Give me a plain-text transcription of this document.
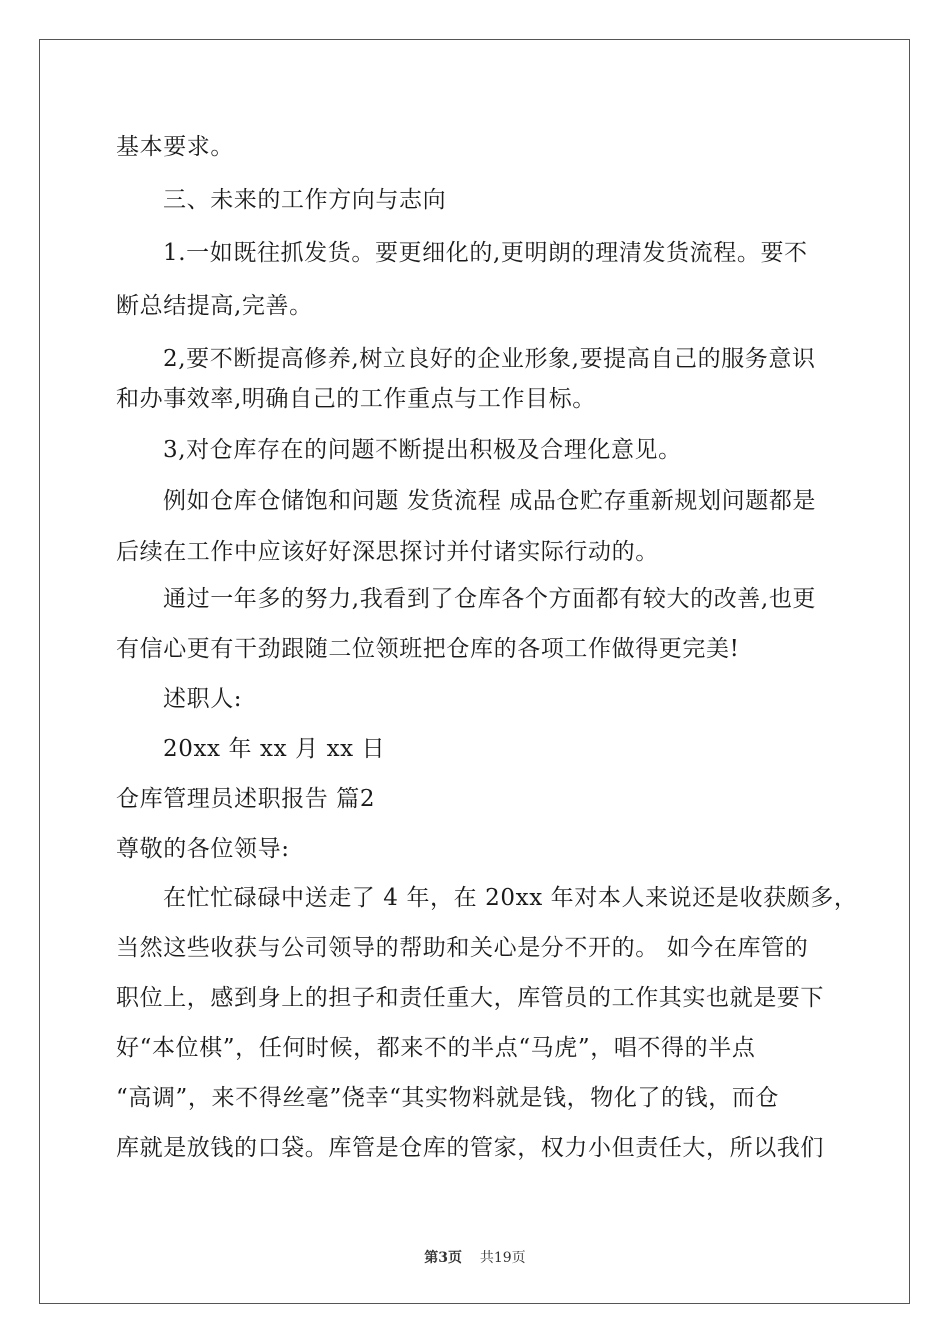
基本要求。
三、未来的工作方向与志向
1.一如既往抓发货。要更细化的,更明朗的理清发货流程。要不
断总结提高,完善。
2,要不断提高修养,树立良好的企业形象,要提高自己的服务意识
和办事效率,明确自己的工作重点与工作目标。
3,对仓库存在的问题不断提出积极及合理化意见。
例如仓库仓储饱和问题 发货流程 成品仓贮存重新规划问题都是
后续在工作中应该好好深思探讨并付诸实际行动的。
通过一年多的努力,我看到了仓库各个方面都有较大的改善,也更
有信心更有干劲跟随二位领班把仓库的各项工作做得更完美!
述职人:
20xx 年 xx 月 xx 日
仓库管理员述职报告 篇2
尊敬的各位领导:
在忙忙碌碌中送走了 4 年，在 20xx 年对本人来说还是收获颇多，
当然这些收获与公司领导的帮助和关心是分不开的。 如今在库管的
职位上，感到身上的担子和责任重大，库管员的工作其实也就是要下
好“本位棋”，任何时候，都来不的半点“马虎”，唱不得的半点
“高调”，来不得丝毫”侥幸“其实物料就是钱，物化了的钱，而仓
库就是放钱的口袋。库管是仓库的管家，权力小但责任大，所以我们
第3页 共19页
